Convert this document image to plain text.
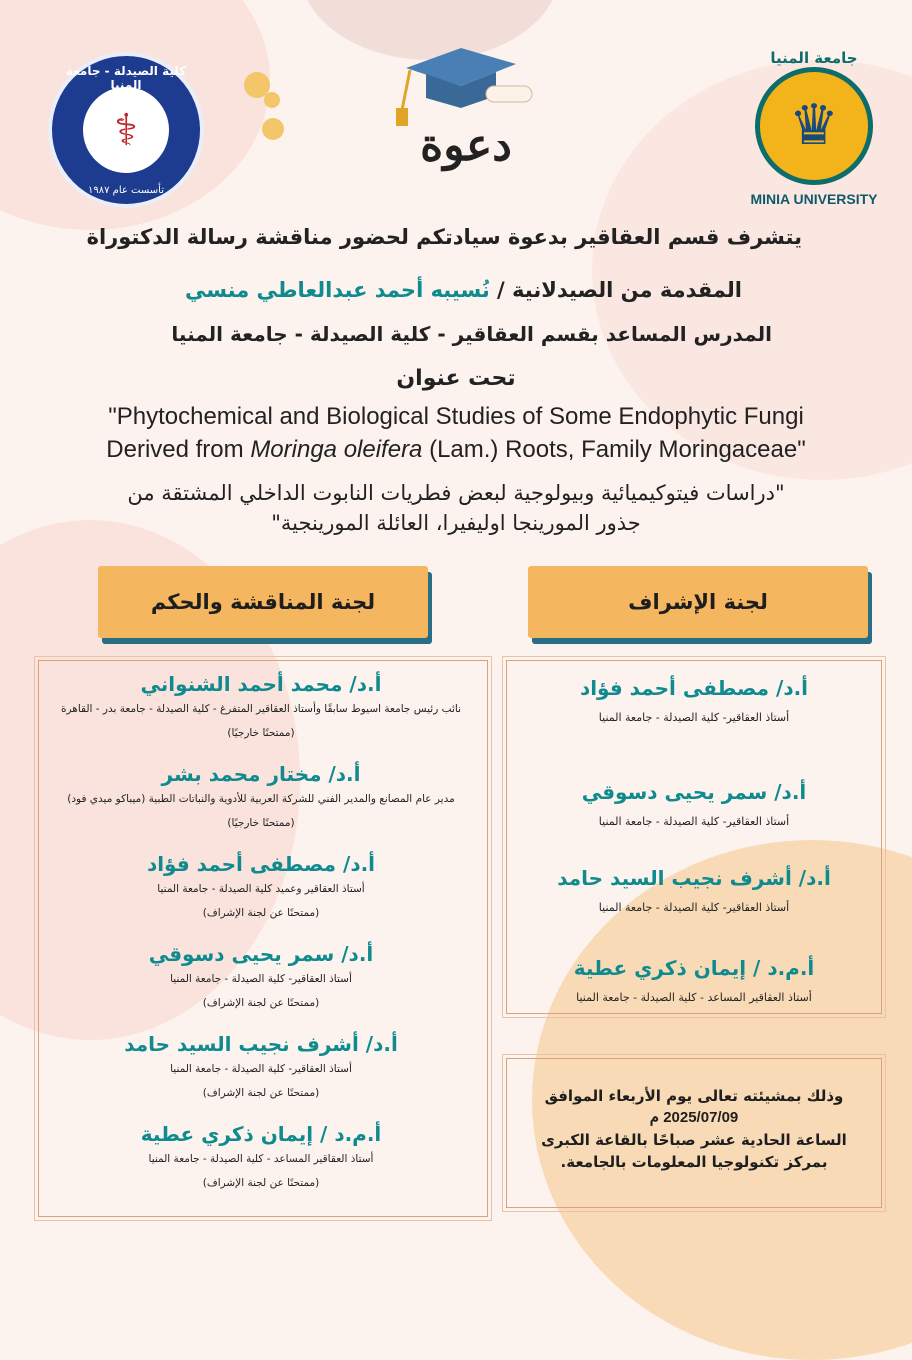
كلية الصيدلة - جامعة المنيا
⚕
تأسست عام ١٩٨٧
دعوة
جامعة المنيا
♛
MINIA UNIVERSITY
يتشرف قسم العقاقير بدعوة سيادتكم لحضور مناقشة رسالة الدكتوراة
المقدمة من الصيدلانية / نُسيبه أحمد عبدالعاطي منسي
المدرس المساعد بقسم العقاقير - كلية الصيدلة - جامعة المنيا
تحت عنوان
"Phytochemical and Biological Studies of Some Endophytic Fungi
Derived from Moringa oleifera (Lam.) Roots, Family Moringaceae"
"دراسات فيتوكيميائية وبيولوجية لبعض فطريات النابوت الداخلي المشتقة من
جذور المورينجا اوليفيرا، العائلة المورينجية"
لجنة المناقشة والحكم	لجنة الإشراف
أ.د/ محمد أحمد الشنواني
نائب رئيس جامعة اسيوط سابقًا وأستاذ العقاقير المتفرغ - كلية الصيدلة - جامعة بدر - القاهرة
(ممتحنًا خارجيًا)
أ.د/ مختار محمد بشر
مدير عام المصانع والمدير الفني للشركة العربية للأدوية والنباتات الطبية (ميباكو ميدي فود)
(ممتحنًا خارجيًا)
أ.د/ مصطفى أحمد فؤاد
أستاذ العقاقير وعميد كلية الصيدلة - جامعة المنيا
(ممتحنًا عن لجنة الإشراف)
أ.د/ سمر يحيى دسوقي
أستاذ العقاقير- كلية الصيدلة - جامعة المنيا
(ممتحنًا عن لجنة الإشراف)
أ.د/ أشرف نجيب السيد حامد
أستاذ العقاقير- كلية الصيدلة - جامعة المنيا
(ممتحنًا عن لجنة الإشراف)
أ.م.د / إيمان ذكري عطية
أستاذ العقاقير المساعد - كلية الصيدلة - جامعة المنيا
(ممتحنًا عن لجنة الإشراف)
أ.د/ مصطفى أحمد فؤاد
أستاذ العقاقير- كلية الصيدلة - جامعة المنيا
أ.د/ سمر يحيى دسوقي
أستاذ العقاقير- كلية الصيدلة - جامعة المنيا
أ.د/ أشرف نجيب السيد حامد
أستاذ العقاقير- كلية الصيدلة - جامعة المنيا
أ.م.د / إيمان ذكري عطية
أستاذ العقاقير المساعد - كلية الصيدلة - جامعة المنيا
وذلك بمشيئته تعالى يوم الأربعاء الموافق
2025/07/09 م
الساعة الحادية عشر صباحًا بالقاعة الكبرى
بمركز تكنولوجيا المعلومات بالجامعة.
